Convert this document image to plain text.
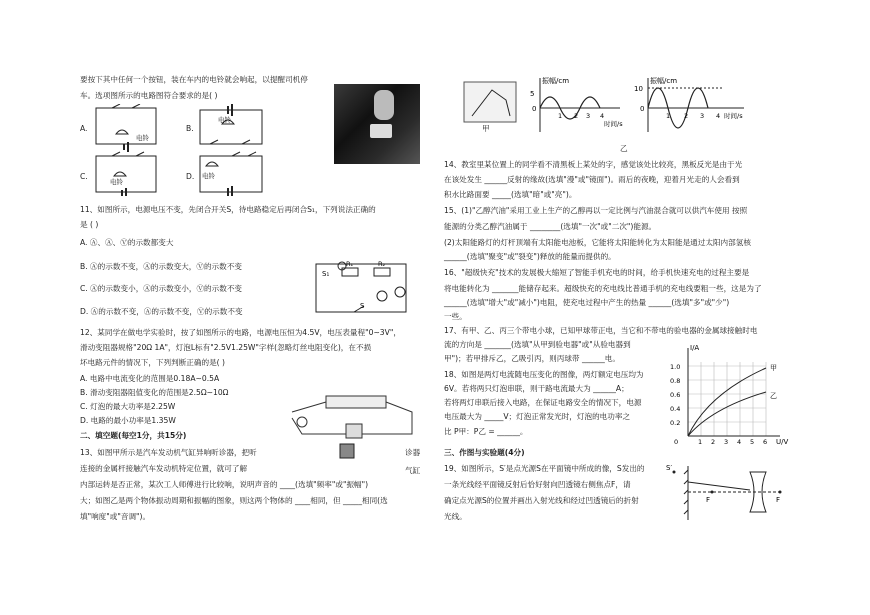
要按下其中任何一个按钮，装在车内的电铃就会响起，以提醒司机停
车。选项图所示的电路图符合要求的是( )
A.	B.
C.	D.
电铃
电铃
电铃
电铃
11、如图所示，电源电压不变，先闭合开关S，待电路稳定后再闭合S₁，下列说法正确的
是 ( )
A. Ⓐ、Ⓐ、Ⓥ的示数都变大
B. Ⓐ的示数不变，Ⓐ的示数变大，Ⓥ的示数不变
C. Ⓐ的示数变小，Ⓐ的示数变小，Ⓥ的示数不变
D. Ⓐ的示数不变，Ⓐ的示数不变，Ⓥ的示数不变
S₁
R₁	R₂
S
12、某同学在做电学实验时，按了如图所示的电路，电源电压恒为4.5V，电压表量程"0~3V"，
滑动变阻器规格"20Ω 1A"，灯泡L标有"2.5V1.25W"字样(忽略灯丝电阻变化)，在不损
坏电路元件的情况下，下列判断正确的是( )
A. 电路中电流变化的范围是0.18A~0.5A
B. 滑动变阻器阻值变化的范围是2.5Ω~10Ω
C. 灯泡的最大功率是2.25W
D. 电路的最小功率是1.35W
二、填空题(每空1分，共15分)
诊器
气缸
13、如图甲所示是汽车发动机气缸异响听诊器，把听
连接的金属杆接触汽车发动机特定位置，就可了解
内部运转是否正常，某次工人师傅进行比较响，说明声音的 ____(选填"频率"或"振幅")
大；如图乙是两个物体振动周期和振幅的图象，则这两个物体的 ____相同，但 _____相同(选
填"响度"或"音调")。
甲
振幅/cm
5
0
1 2 3 4
时间/s
振幅/cm
10
0
1 2 3 4 时间/s
乙
14、教室里某位置上的同学看不清黑板上某处的字，感觉该处比较亮，黑板反光是由于光
在该处发生 ______反射的缘故(选填"漫"或"镜面")。雨后的夜晚，迎着月光走的人会看到
积水比路面要 _____(选填"暗"或"亮")。
15、(1)"乙醇汽油"采用工业上生产的乙醇再以一定比例与汽油混合就可以供汽车使用 按照
能源的分类乙醇汽油属于 ________(选填"一次"或"二次")能源。
(2)太阳能路灯的灯杆顶端有太阳能电池板，它能将太阳能转化为太阳能是通过太阳内部氢核
______(选填"聚变"或"裂变")释放的能量而提供的。
16、"超级快充"技术的发展极大缩短了智能手机充电的时间，给手机快速充电的过程主要是
将电能转化为 _______能储存起来。超级快充的充电线比普通手机的充电线要粗一些，这是为了
______(选填"增大"或"减小")电阻，使充电过程中产生的热量 ______(选填"多"或"少")
一些。
17、有甲、乙、丙三个带电小球，已知甲球带正电，当它和不带电的验电器的金属球接触时电
流的方向是 _______(选填"从甲到验电器"或"从验电器到
甲")；若甲排斥乙，乙吸引丙，则丙球带 ______电。
18、如图是两灯电流随电压变化的图像，两灯额定电压均为
6V。若将两只灯泡串联，则干路电流最大为 ______A；
若将两灯串联后接入电路，在保证电路安全的情况下，电源
电压最大为 _____V；灯泡正常发光时，灯泡的电功率之
比 P甲：P乙 = ______。
I/A
1.0
0.8
0.6
0.4
0.2
0	1 2 3 4 5 6
甲
乙
U/V
三、作图与实验题(4分)
19、如图所示，S′是点光源S在平面镜中所成的像，S发出的
一条光线经平面镜反射后恰好射向凹透镜右侧焦点F，请
确定点光源S的位置并画出入射光线和经过凹透镜后的折射
光线。
S′
F	F
